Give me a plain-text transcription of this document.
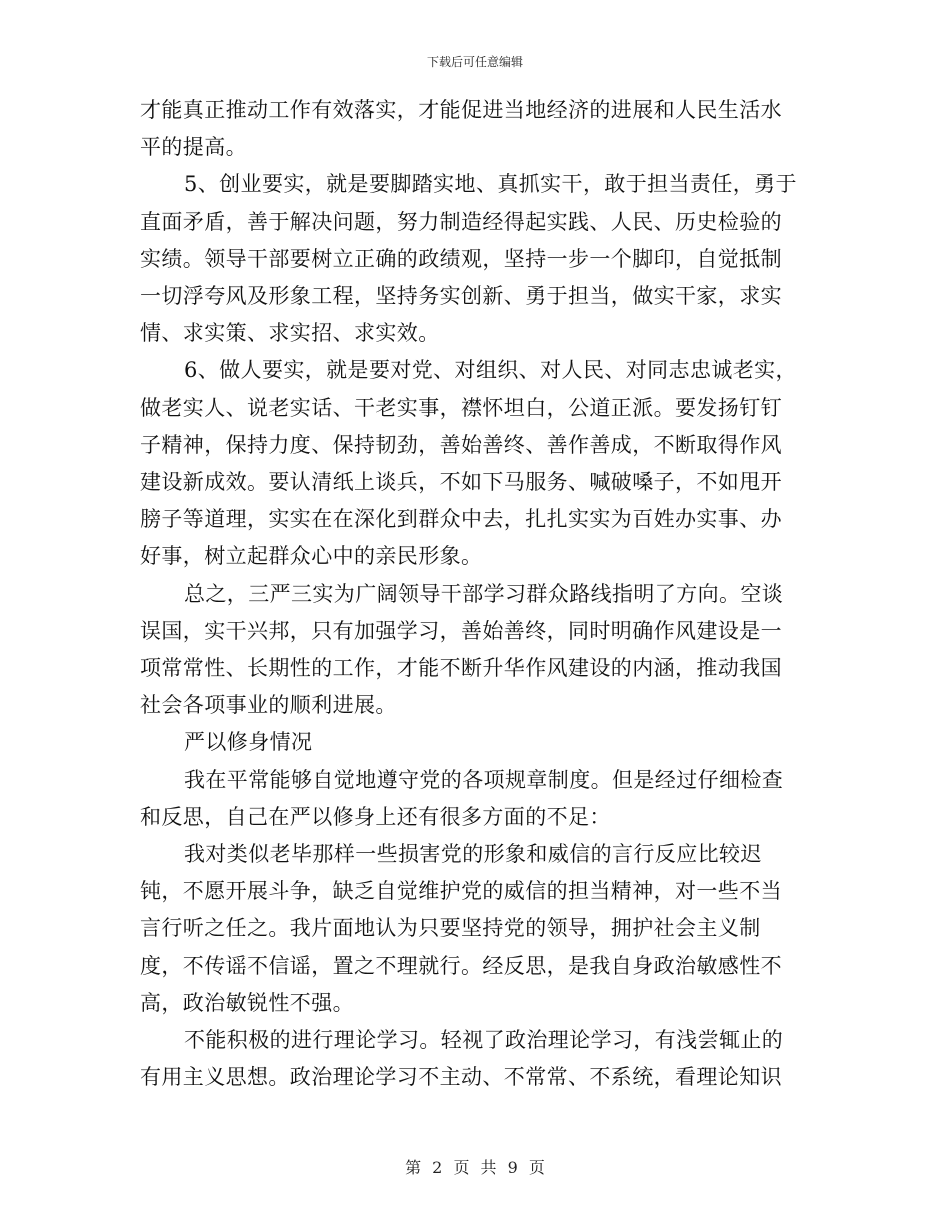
下载后可任意编辑

才能真正推动工作有效落实，才能促进当地经济的进展和人民生活水平的提高。

5、创业要实，就是要脚踏实地、真抓实干，敢于担当责任，勇于直面矛盾，善于解决问题，努力制造经得起实践、人民、历史检验的实绩。领导干部要树立正确的政绩观，坚持一步一个脚印，自觉抵制一切浮夸风及形象工程，坚持务实创新、勇于担当，做实干家，求实情、求实策、求实招、求实效。

6、做人要实，就是要对党、对组织、对人民、对同志忠诚老实，做老实人、说老实话、干老实事，襟怀坦白，公道正派。要发扬钉钉子精神，保持力度、保持韧劲，善始善终、善作善成，不断取得作风建设新成效。要认清纸上谈兵，不如下马服务、喊破嗓子，不如甩开膀子等道理，实实在在深化到群众中去，扎扎实实为百姓办实事、办好事，树立起群众心中的亲民形象。

总之，三严三实为广阔领导干部学习群众路线指明了方向。空谈误国，实干兴邦，只有加强学习，善始善终，同时明确作风建设是一项常常性、长期性的工作，才能不断升华作风建设的内涵，推动我国社会各项事业的顺利进展。

严以修身情况

我在平常能够自觉地遵守党的各项规章制度。但是经过仔细检查和反思，自己在严以修身上还有很多方面的不足：

我对类似老毕那样一些损害党的形象和威信的言行反应比较迟钝，不愿开展斗争，缺乏自觉维护党的威信的担当精神，对一些不当言行听之任之。我片面地认为只要坚持党的领导，拥护社会主义制度，不传谣不信谣，置之不理就行。经反思，是我自身政治敏感性不高，政治敏锐性不强。

不能积极的进行理论学习。轻视了政治理论学习，有浅尝辄止的有用主义思想。政治理论学习不主动、不常常、不系统，看理论知识

第 2 页 共 9 页
